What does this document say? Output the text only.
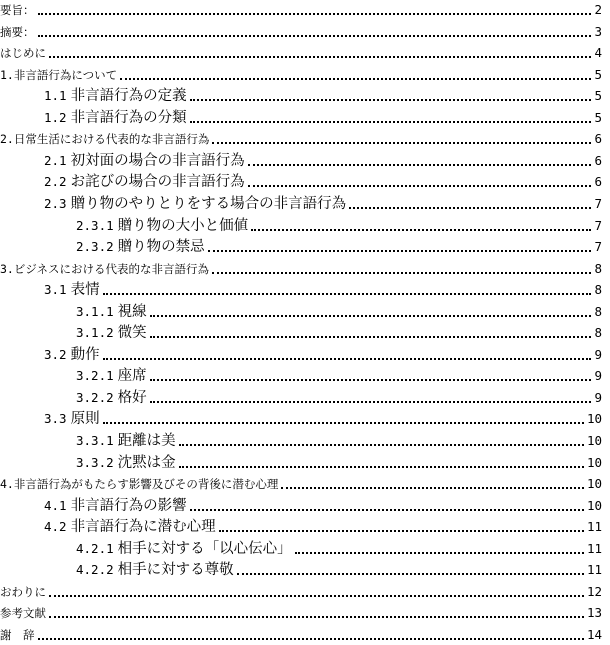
要旨：	2
摘要：	3
はじめに	4
1. 非言語行為について	5
1.1 非言語行為の定義	5
1.2 非言語行為の分類	5
2. 日常生活における代表的な非言語行為	6
2.1 初対面の場合の非言語行為	6
2.2 お詫びの場合の非言語行為	6
2.3 贈り物のやりとりをする場合の非言語行為	7
2.3.1 贈り物の大小と価値	7
2.3.2 贈り物の禁忌	7
3. ビジネスにおける代表的な非言語行為	8
3.1 表情	8
3.1.1 視線	8
3.1.2 微笑	8
3.2 動作	9
3.2.1 座席	9
3.2.2 格好	9
3.3 原則	10
3.3.1 距離は美	10
3.3.2 沈黙は金	10
4. 非言語行為がもたらす影響及びその背後に潜む心理	10
4.1 非言語行為の影響	10
4.2 非言語行為に潜む心理	11
4.2.1 相手に対する「以心伝心」	11
4.2.2 相手に対する尊敬	11
おわりに	12
参考文献	13
謝　辞	14
